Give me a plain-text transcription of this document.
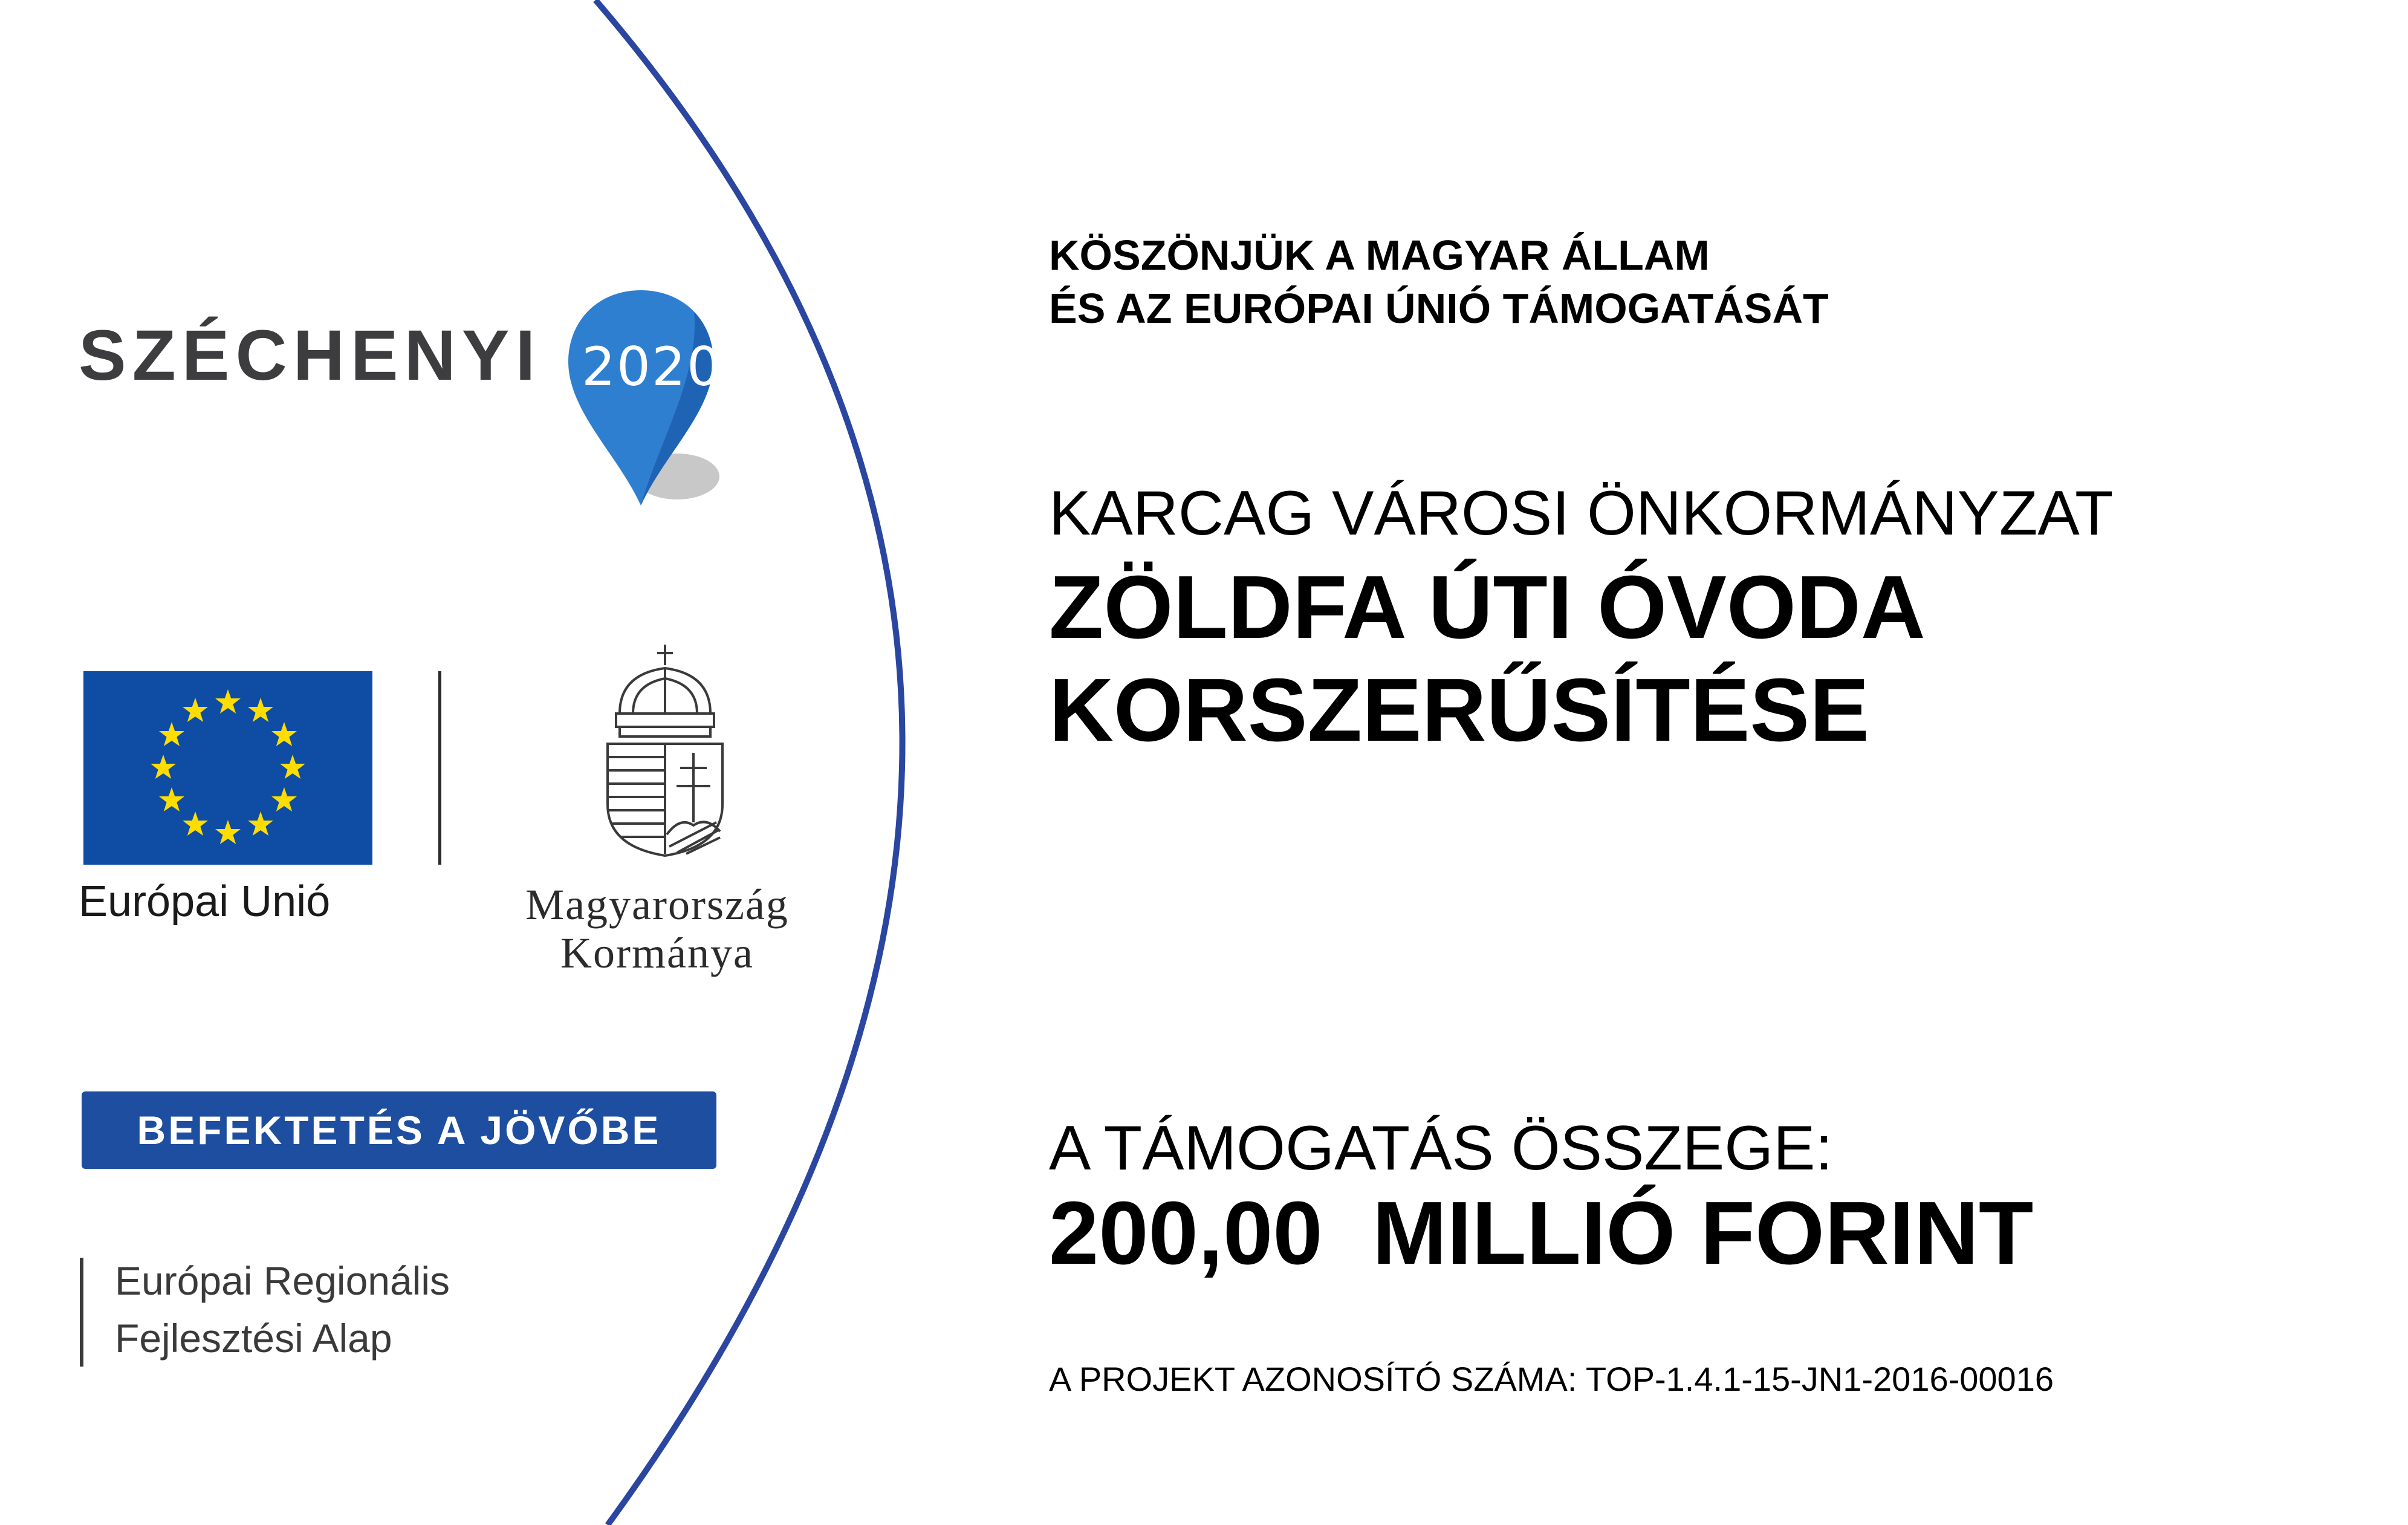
SZÉCHENYI 2020
Európai Unió	Magyarország
Kormánya
BEFEKTETÉS A JÖVŐBE
Európai Regionális
Fejlesztési Alap
KÖSZÖNJÜK A MAGYAR ÁLLAM
ÉS AZ EURÓPAI ÚNIÓ TÁMOGATÁSÁT
KARCAG VÁROSI ÖNKORMÁNYZAT
ZÖLDFA ÚTI ÓVODA
KORSZERŰSÍTÉSE
A TÁMOGATÁS ÖSSZEGE:
200,00  MILLIÓ FORINT
A PROJEKT AZONOSÍTÓ SZÁMA: TOP-1.4.1-15-JN1-2016-00016
